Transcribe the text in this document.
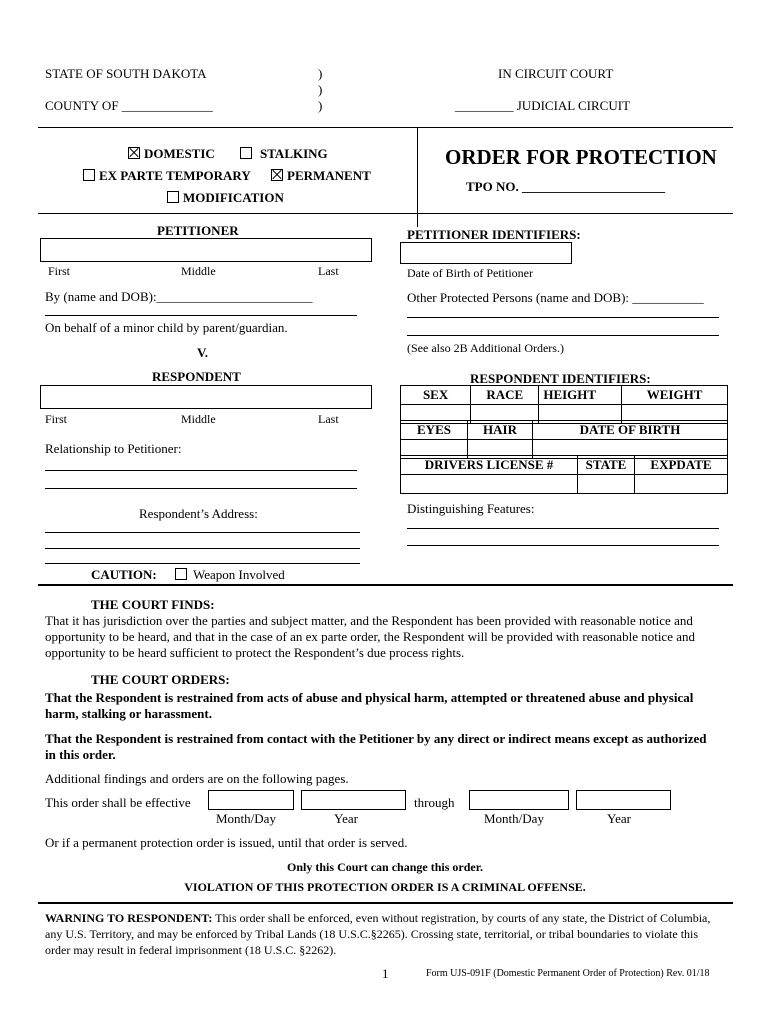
STATE OF SOUTH DAKOTA
COUNTY OF ______________
)
)
)
IN CIRCUIT COURT
_________ JUDICIAL CIRCUIT
DOMESTIC	STALKING
EX PARTE TEMPORARY	PERMANENT
MODIFICATION
ORDER FOR PROTECTION
TPO NO. ______________________
PETITIONER
First	Middle	Last
By (name and DOB):________________________
On behalf of a minor child by parent/guardian.
PETITIONER IDENTIFIERS:
Date of Birth of Petitioner
Other Protected Persons (name and DOB): ___________
(See also 2B Additional Orders.)
V.
RESPONDENT
First	Middle	Last
Relationship to Petitioner:
Respondent’s Address:
RESPONDENT IDENTIFIERS:
SEX	RACE	HEIGHT	WEIGHT

EYES	HAIR	DATE OF BIRTH

DRIVERS LICENSE #	STATE	EXPDATE

Distinguishing Features:
CAUTION:	Weapon Involved
THE COURT FINDS:
That it has jurisdiction over the parties and subject matter, and the Respondent has been provided with reasonable notice and opportunity to be heard, and that in the case of an ex parte order, the Respondent will be provided with reasonable notice and opportunity to be heard sufficient to protect the Respondent’s due process rights.
THE COURT ORDERS:
That the Respondent is restrained from acts of abuse and physical harm, attempted or threatened abuse and physical harm, stalking or harassment.
That the Respondent is restrained from contact with the Petitioner by any direct or indirect means except as authorized in this order.
Additional findings and orders are on the following pages.
This order shall be effective	through
Month/Day	Year	Month/Day	Year
Or if a permanent protection order is issued, until that order is served.
Only this Court can change this order.
VIOLATION OF THIS PROTECTION ORDER IS A CRIMINAL OFFENSE.
WARNING TO RESPONDENT: This order shall be enforced, even without registration, by courts of any state, the District of Columbia, any U.S. Territory, and may be enforced by Tribal Lands (18 U.S.C.§2265). Crossing state, territorial, or tribal boundaries to violate this order may result in federal imprisonment (18 U.S.C. §2262).
1	Form UJS-091F (Domestic Permanent Order of Protection) Rev. 01/18
